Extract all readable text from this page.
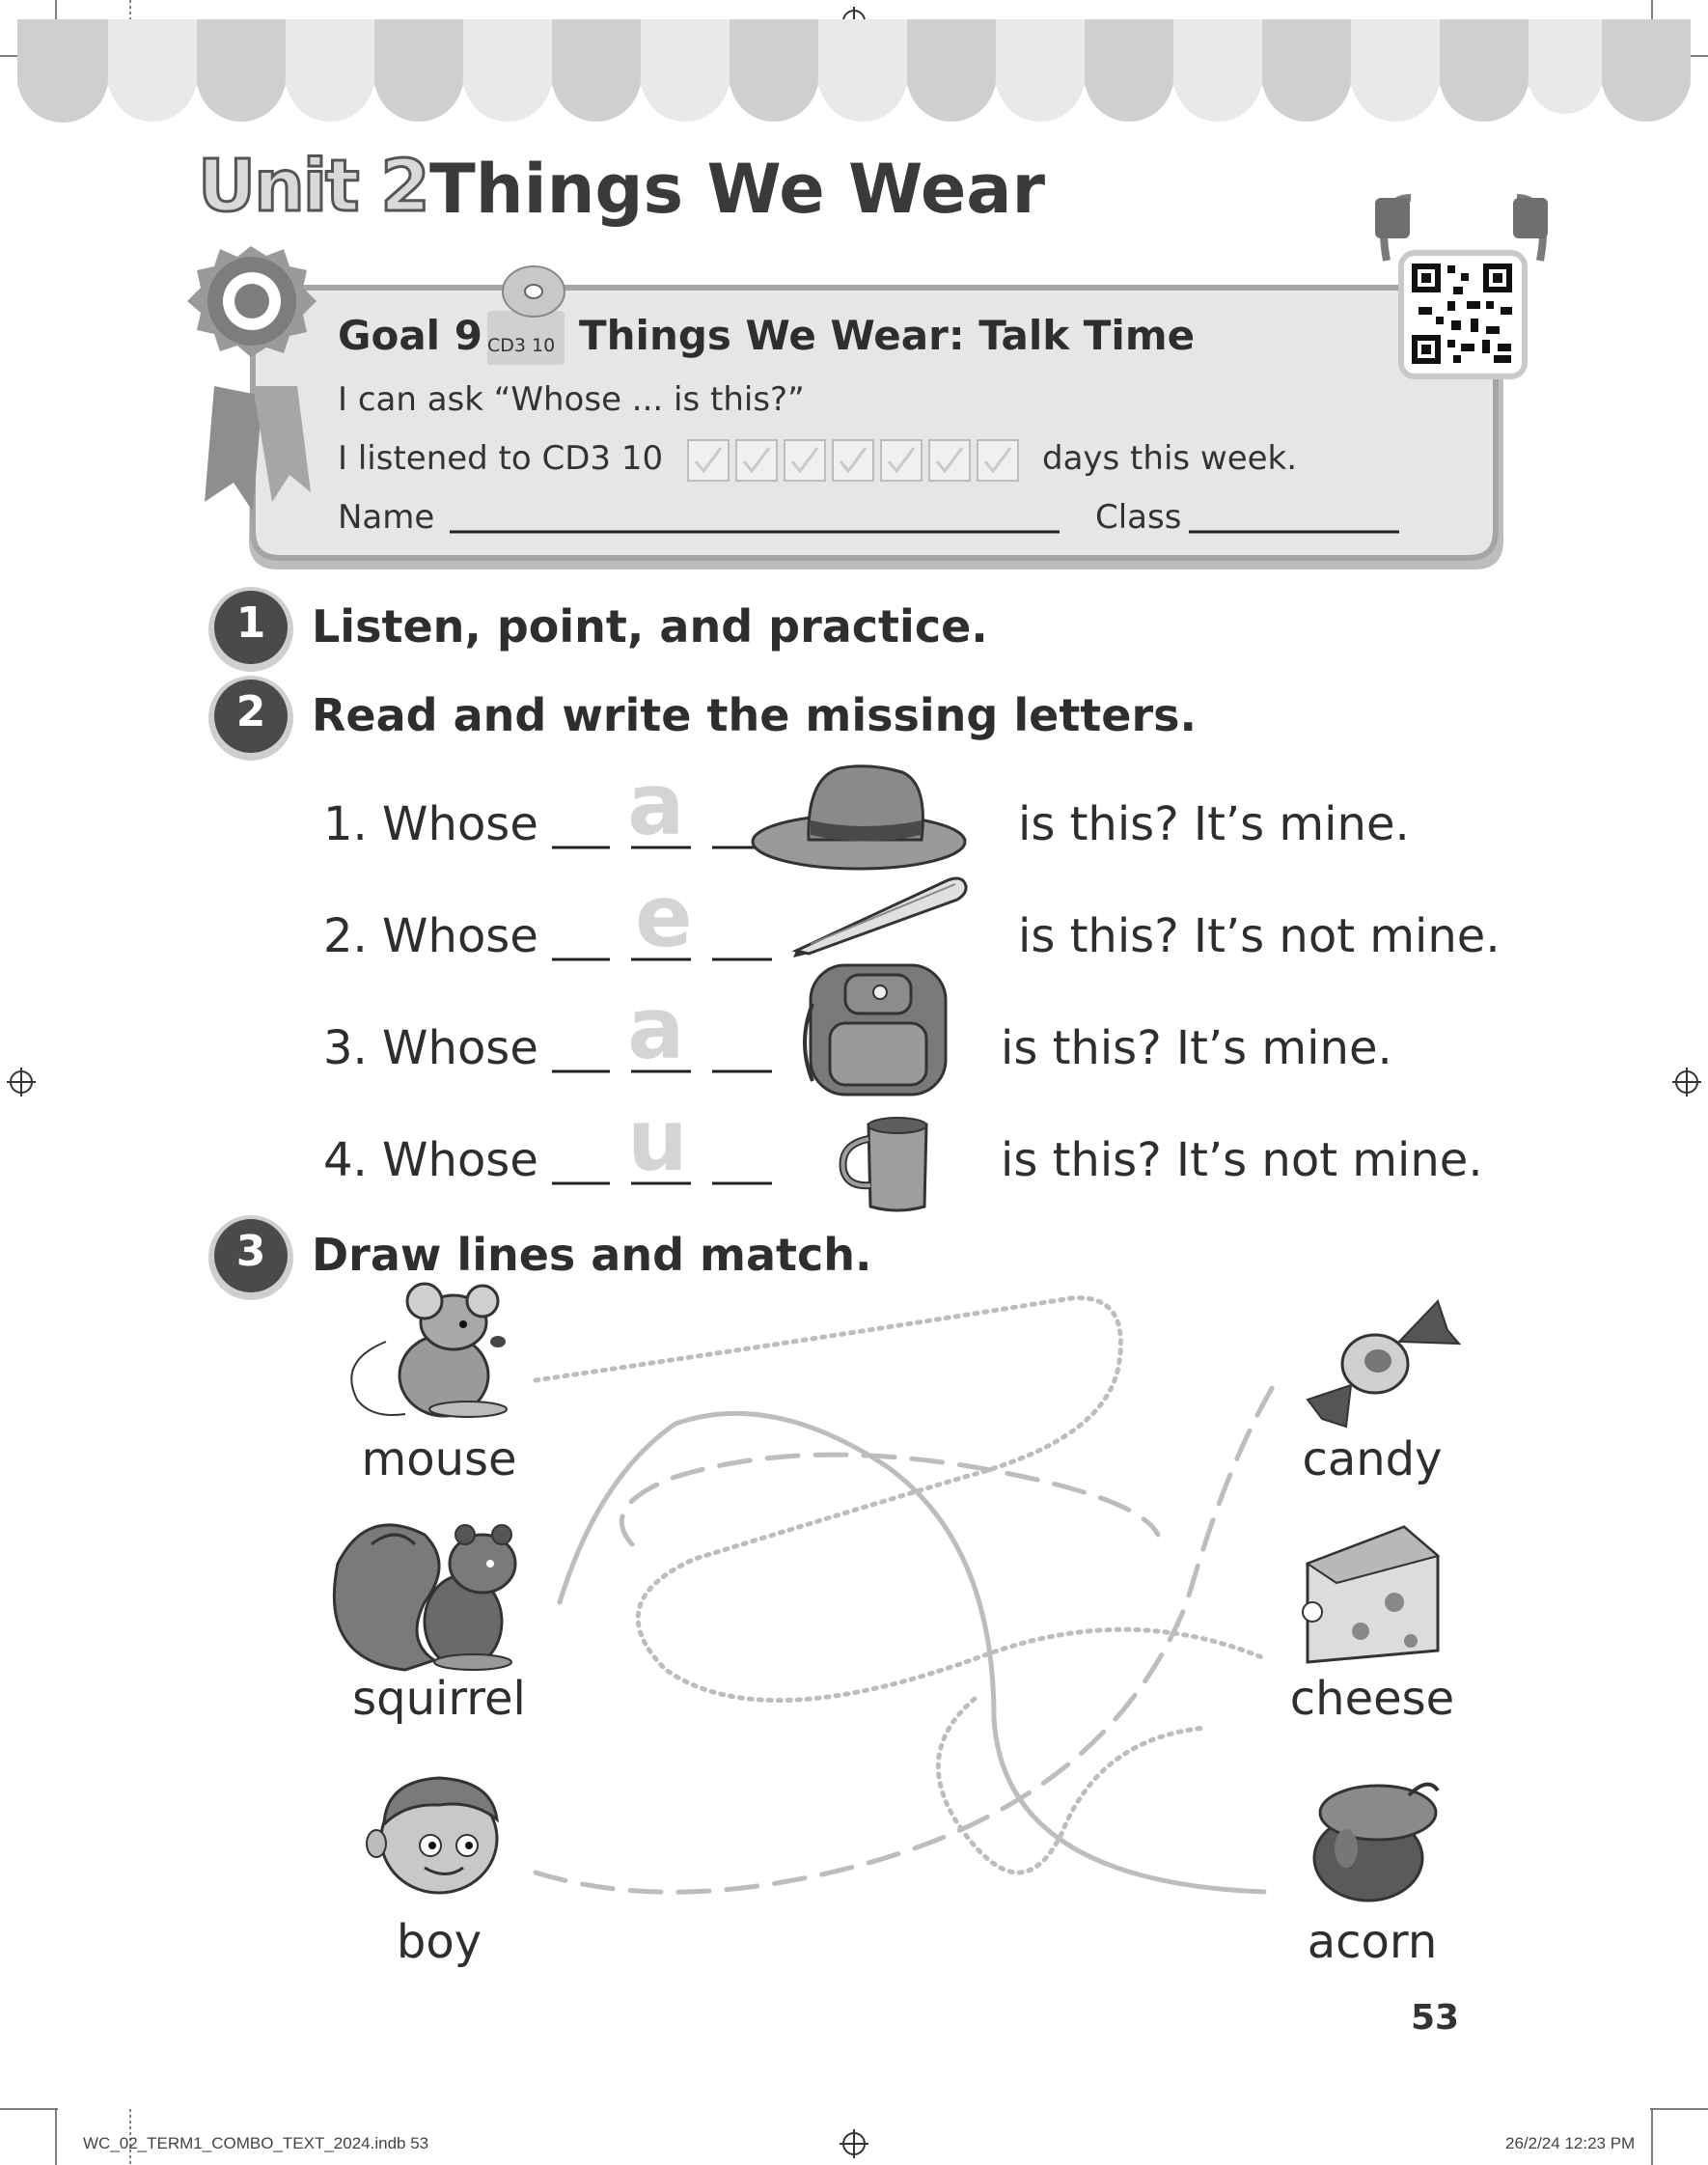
Unit 2 Things We Wear
Goal 9 CD3 10 Things We Wear: Talk Time
I can ask “Whose ... is this?”
I listened to CD3 10	days this week.
Name	Class
1	Listen, point, and practice.
2	Read and write the missing letters.
3	Draw lines and match.
1. Whose a	is this? It’s mine.
2. Whose e	is this? It’s not mine.
3. Whose a	is this? It’s mine.
4. Whose u	is this? It’s not mine.
mouse
squirrel
boy
candy
cheese
acorn
53
WC_02_TERM1_COMBO_TEXT_2024.indb 53	26/2/24 12:23 PM
